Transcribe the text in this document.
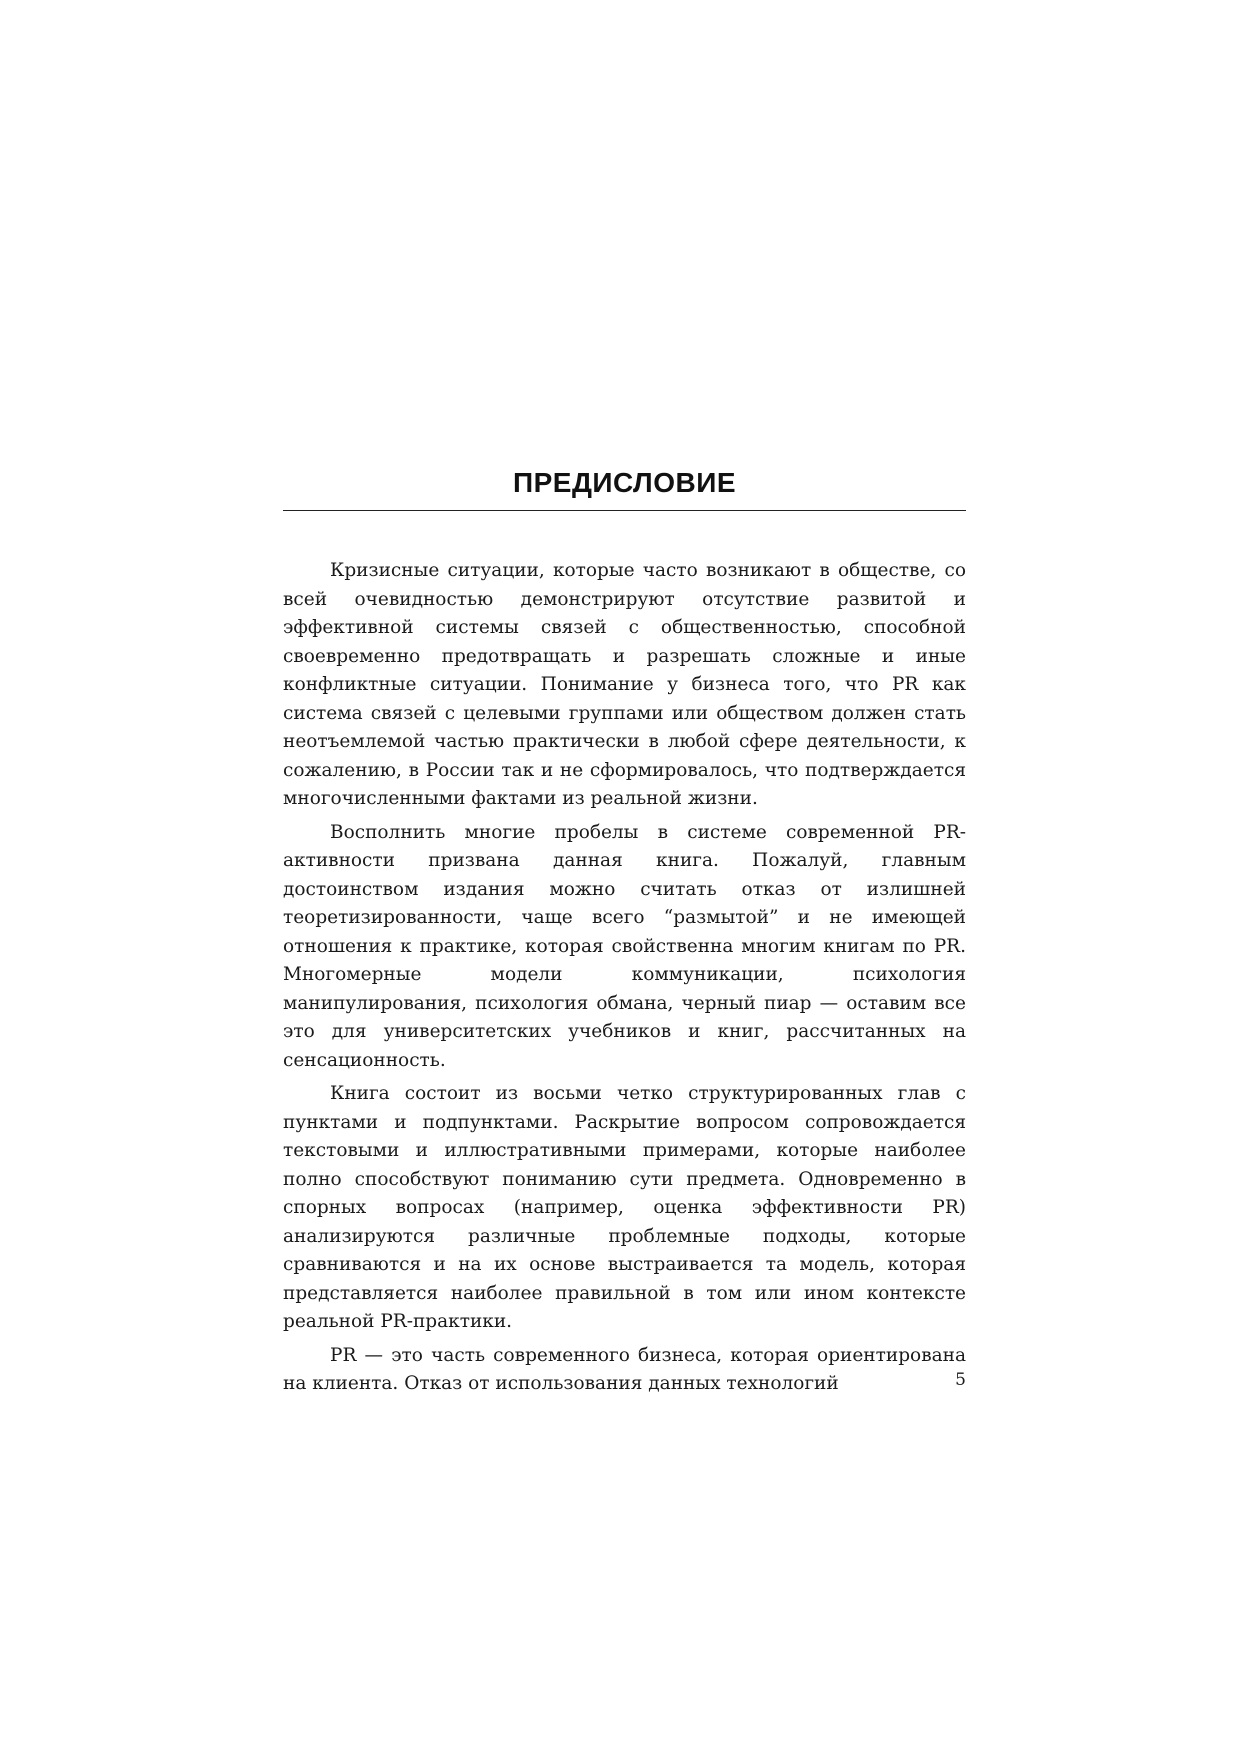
ПРЕДИСЛОВИЕ

Кризисные ситуации, которые часто возникают в обществе, со всей очевидностью демонстрируют отсутствие развитой и эффективной системы связей с общественностью, способной своевременно предотвращать и разрешать сложные и иные конфликтные ситуации. Понимание у бизнеса того, что PR как система связей с целевыми группами или обществом должен стать неотъемлемой частью практически в любой сфере деятельности, к сожалению, в России так и не сформировалось, что подтверждается многочисленными фактами из реальной жизни.

Восполнить многие пробелы в системе современной PR-активности призвана данная книга. Пожалуй, главным достоинством издания можно считать отказ от излишней теоретизированности, чаще всего “размытой” и не имеющей отношения к практике, которая свойственна многим книгам по PR. Многомерные модели коммуникации, психология манипулирования, психология обмана, черный пиар — оставим все это для университетских учебников и книг, рассчитанных на сенсационность.

Книга состоит из восьми четко структурированных глав с пунктами и подпунктами. Раскрытие вопросом сопровождается текстовыми и иллюстративными примерами, которые наиболее полно способствуют пониманию сути предмета. Одновременно в спорных вопросах (например, оценка эффективности PR) анализируются различные проблемные подходы, которые сравниваются и на их основе выстраивается та модель, которая представляется наиболее правильной в том или ином контексте реальной PR-практики.

PR — это часть современного бизнеса, которая ориентирована на клиента. Отказ от использования данных технологий	5
